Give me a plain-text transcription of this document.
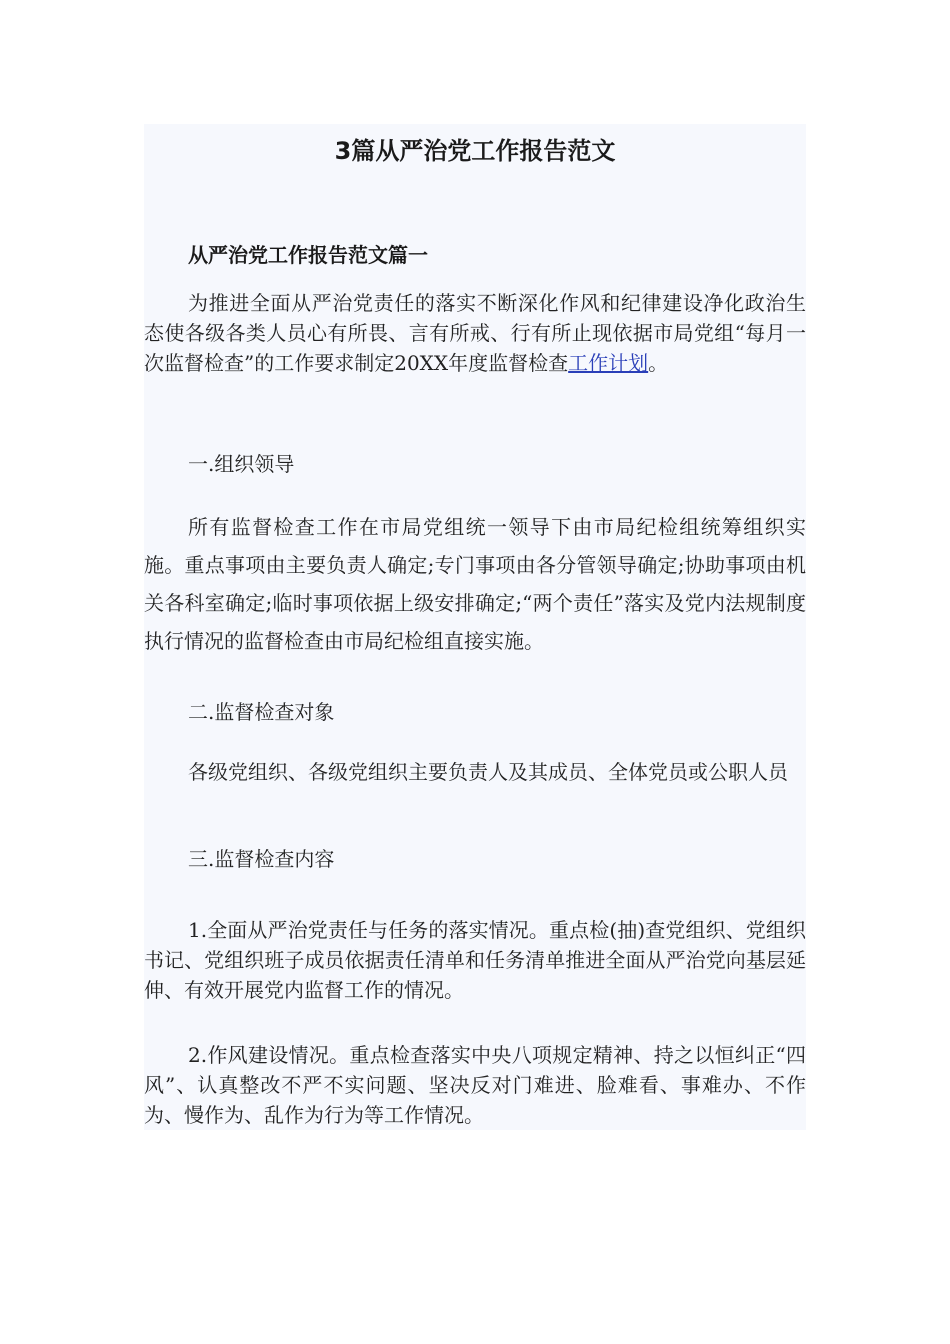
3篇从严治党工作报告范文
从严治党工作报告范文篇一

为推进全面从严治党责任的落实不断深化作风和纪律建设净化政治生态使各级各类人员心有所畏、言有所戒、行有所止现依据市局党组“每月一次监督检查”的工作要求制定20XX年度监督检查工作计划。

一.组织领导

所有监督检查工作在市局党组统一领导下由市局纪检组统筹组织实施。重点事项由主要负责人确定;专门事项由各分管领导确定;协助事项由机关各科室确定;临时事项依据上级安排确定;“两个责任”落实及党内法规制度执行情况的监督检查由市局纪检组直接实施。

二.监督检查对象

各级党组织、各级党组织主要负责人及其成员、全体党员或公职人员

三.监督检查内容

1.全面从严治党责任与任务的落实情况。重点检(抽)查党组织、党组织书记、党组织班子成员依据责任清单和任务清单推进全面从严治党向基层延伸、有效开展党内监督工作的情况。

2.作风建设情况。重点检查落实中央八项规定精神、持之以恒纠正“四风”、认真整改不严不实问题、坚决反对门难进、脸难看、事难办、不作为、慢作为、乱作为行为等工作情况。
